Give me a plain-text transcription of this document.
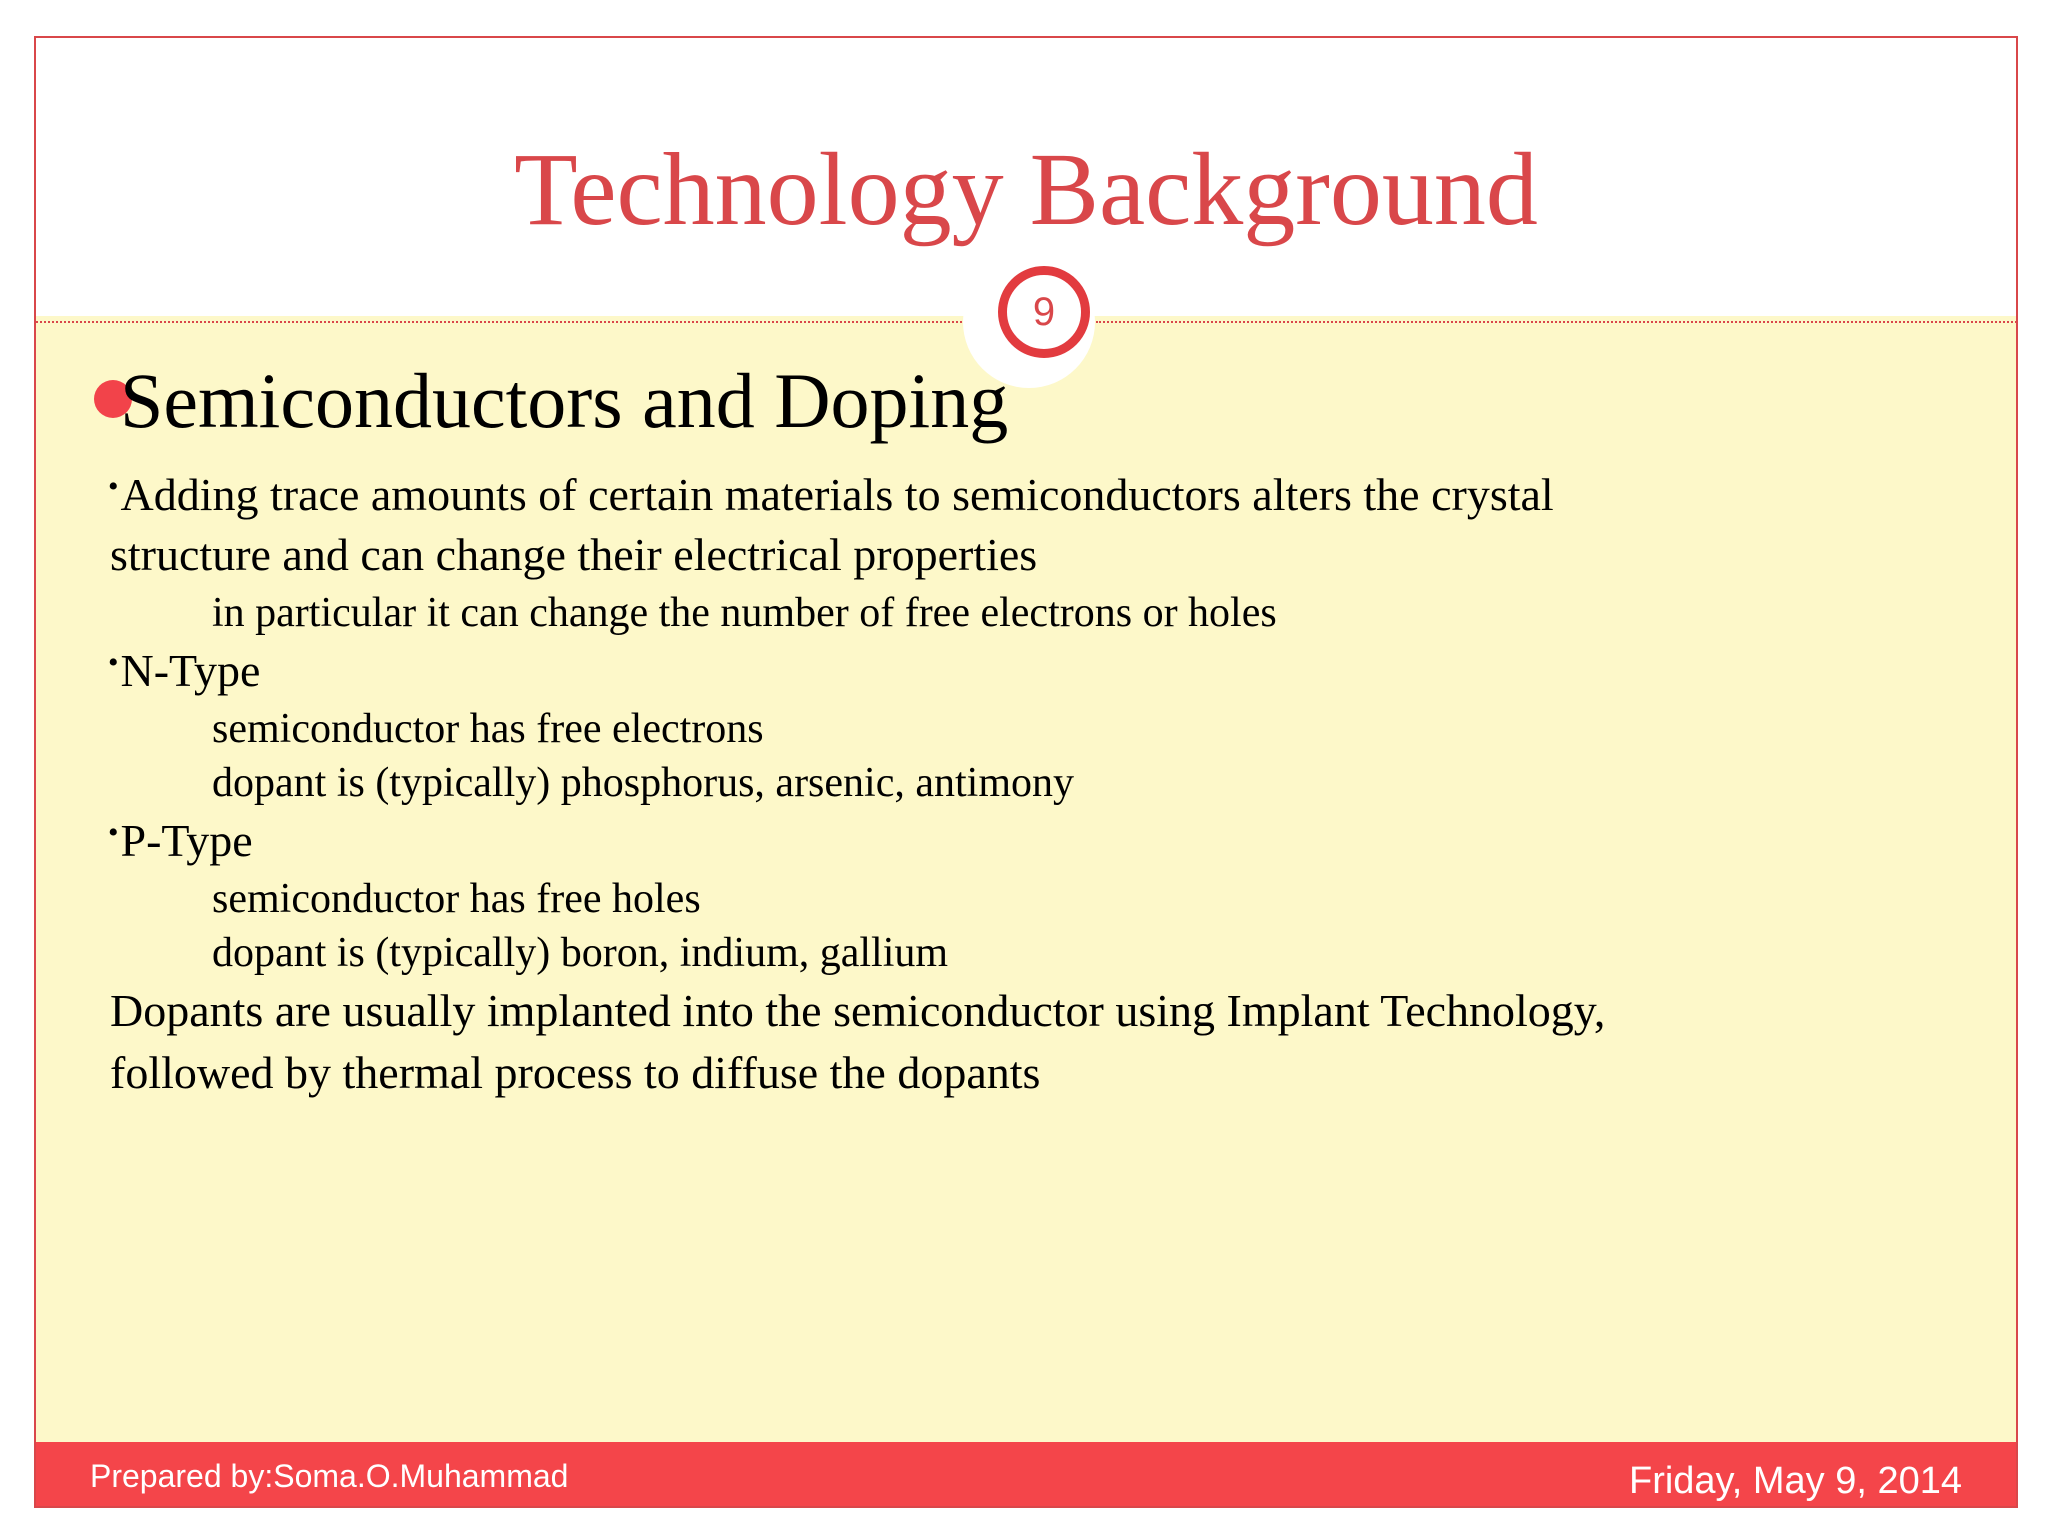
Technology Background
9
Prepared by:Soma.O.Muhammad	Friday, May 9, 2014
Semiconductors and Doping
•Adding trace amounts of certain materials to semiconductors alters the crystal
structure and can change their electrical properties
in particular it can change the number of free electrons or holes
•N-Type
semiconductor has free electrons
dopant is (typically) phosphorus, arsenic, antimony
•P-Type
semiconductor has free holes
dopant is (typically) boron, indium, gallium
Dopants are usually implanted into the semiconductor using Implant Technology,
followed by thermal process to diffuse the dopants
